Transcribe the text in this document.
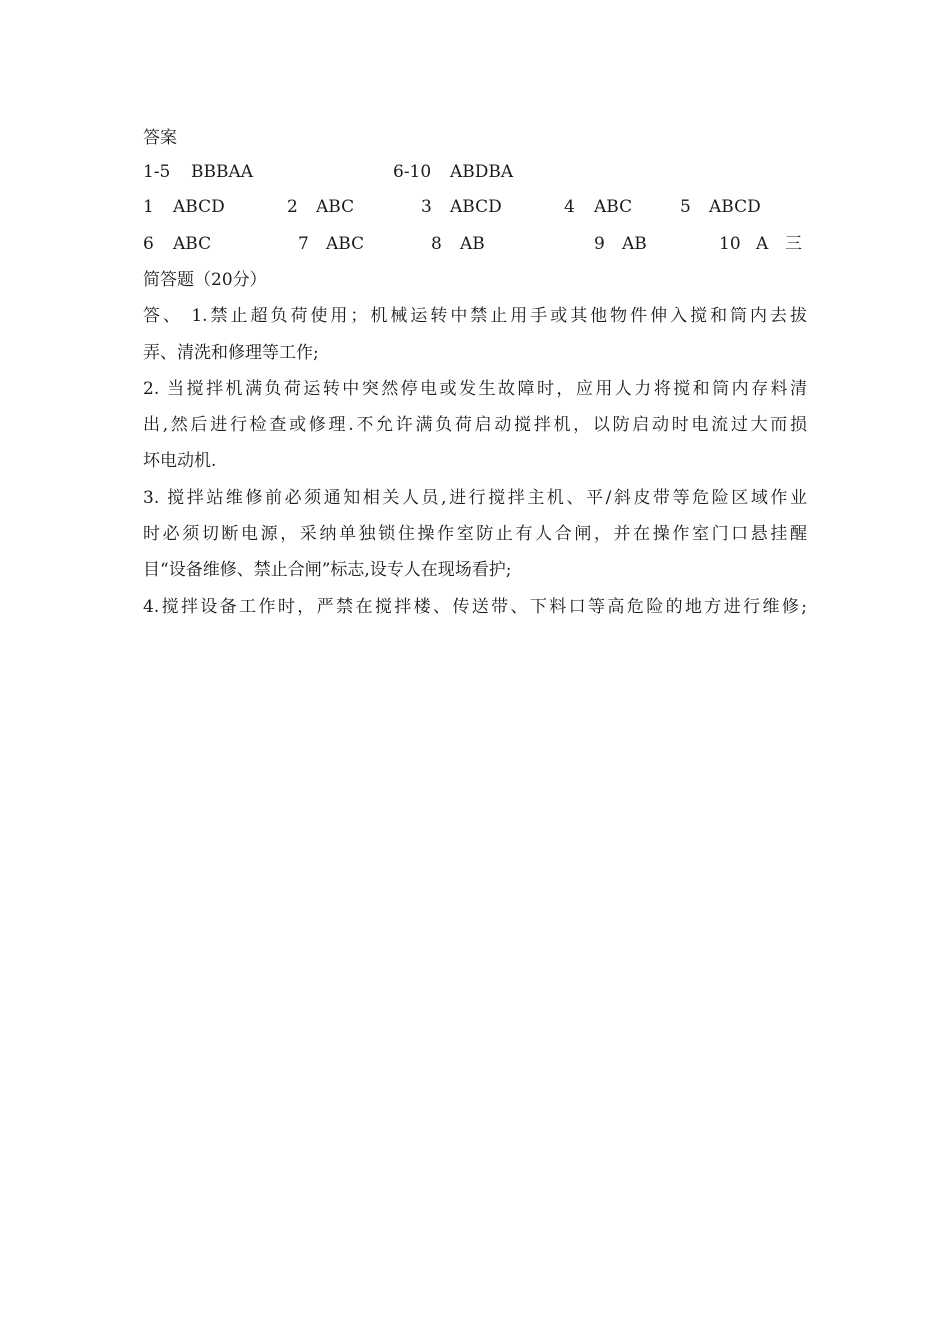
答案
1-5 BBBAA	6-10 ABDBA
1 ABCD	2 ABC	3 ABCD	4 ABC	5 ABCD
6 ABC	7 ABC	8 AB	9 AB	10 A 三
简答题（20分）
答、 1.禁止超负荷使用；机械运转中禁止用手或其他物件伸入搅和筒内去拔
弄、清洗和修理等工作;
2. 当搅拌机满负荷运转中突然停电或发生故障时，应用人力将搅和筒内存料清
出,然后进行检查或修理.不允许满负荷启动搅拌机，以防启动时电流过大而损
坏电动机.
3. 搅拌站维修前必须通知相关人员,进行搅拌主机、平/斜皮带等危险区域作业
时必须切断电源，采纳单独锁住操作室防止有人合闸，并在操作室门口悬挂醒
目“设备维修、禁止合闸”标志,设专人在现场看护;
4.搅拌设备工作时，严禁在搅拌楼、传送带、下料口等高危险的地方进行维修;
